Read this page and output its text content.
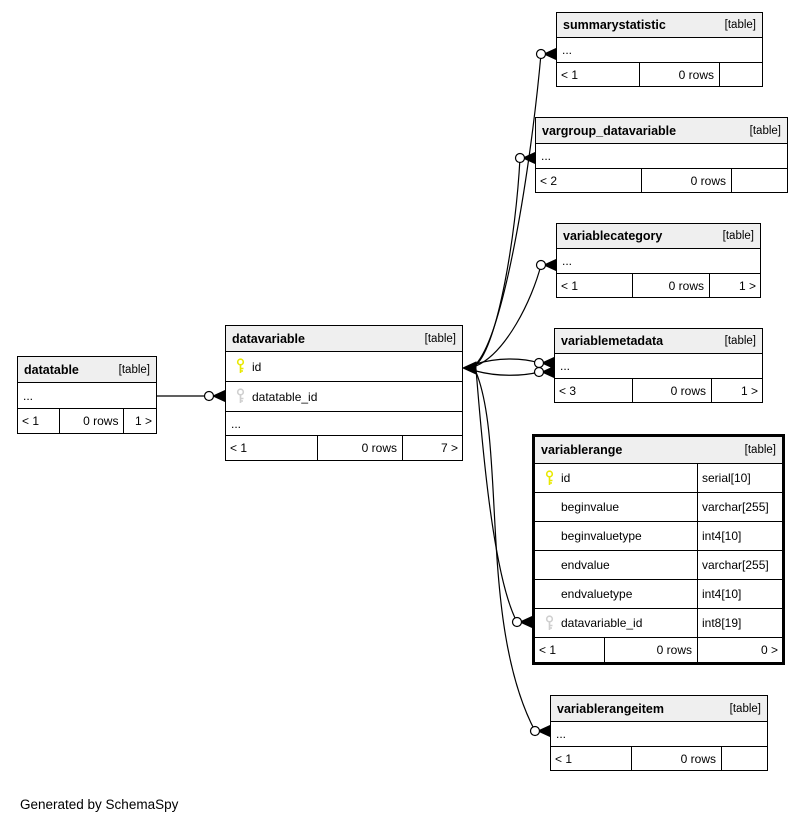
datatable	[table]
...
< 1	0 rows	1 >
datavariable	[table]
id
datatable_id
...
< 1	0 rows	7 >
summarystatistic	[table]
...
< 1	0 rows
vargroup_datavariable	[table]
...
< 2	0 rows
variablecategory	[table]
...
< 1	0 rows	1 >
variablemetadata	[table]
...
< 3	0 rows	1 >
variablerange	[table]
id	serial[10]
beginvalue	varchar[255]
beginvaluetype	int4[10]
endvalue	varchar[255]
endvaluetype	int4[10]
datavariable_id	int8[19]
< 1	0 rows	0 >
variablerangeitem	[table]
...
< 1	0 rows
Generated by SchemaSpy
